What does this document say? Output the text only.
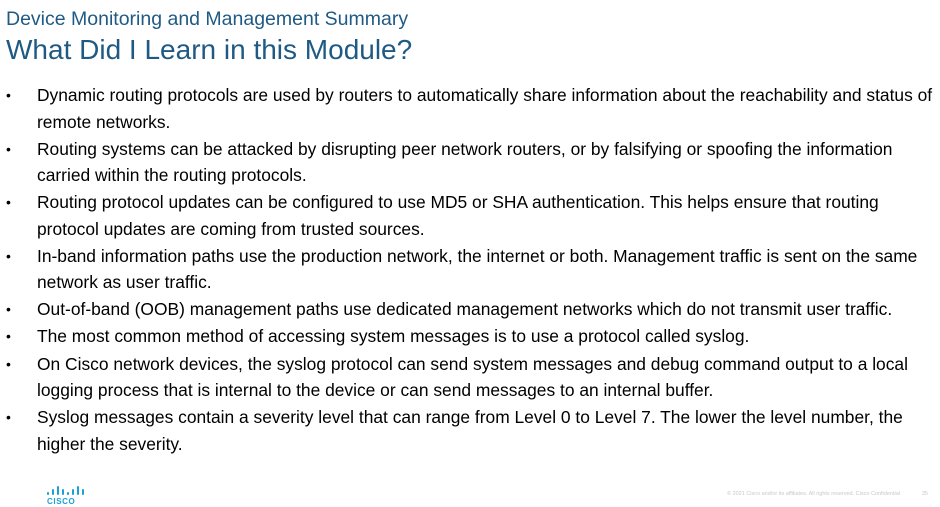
Device Monitoring and Management Summary
What Did I Learn in this Module?
• Dynamic routing protocols are used by routers to automatically share information about the reachability and status of remote networks.
• Routing systems can be attacked by disrupting peer network routers, or by falsifying or spoofing the information carried within the routing protocols.
• Routing protocol updates can be configured to use MD5 or SHA authentication. This helps ensure that routing protocol updates are coming from trusted sources.
• In-band information paths use the production network, the internet or both. Management traffic is sent on the same network as user traffic.
• Out-of-band (OOB) management paths use dedicated management networks which do not transmit user traffic.
• The most common method of accessing system messages is to use a protocol called syslog.
• On Cisco network devices, the syslog protocol can send system messages and debug command output to a local logging process that is internal to the device or can send messages to an internal buffer.
• Syslog messages contain a severity level that can range from Level 0 to Level 7. The lower the level number, the higher the severity.
CISCO
© 2021 Cisco and/or its affiliates. All rights reserved. Cisco Confidential	35
